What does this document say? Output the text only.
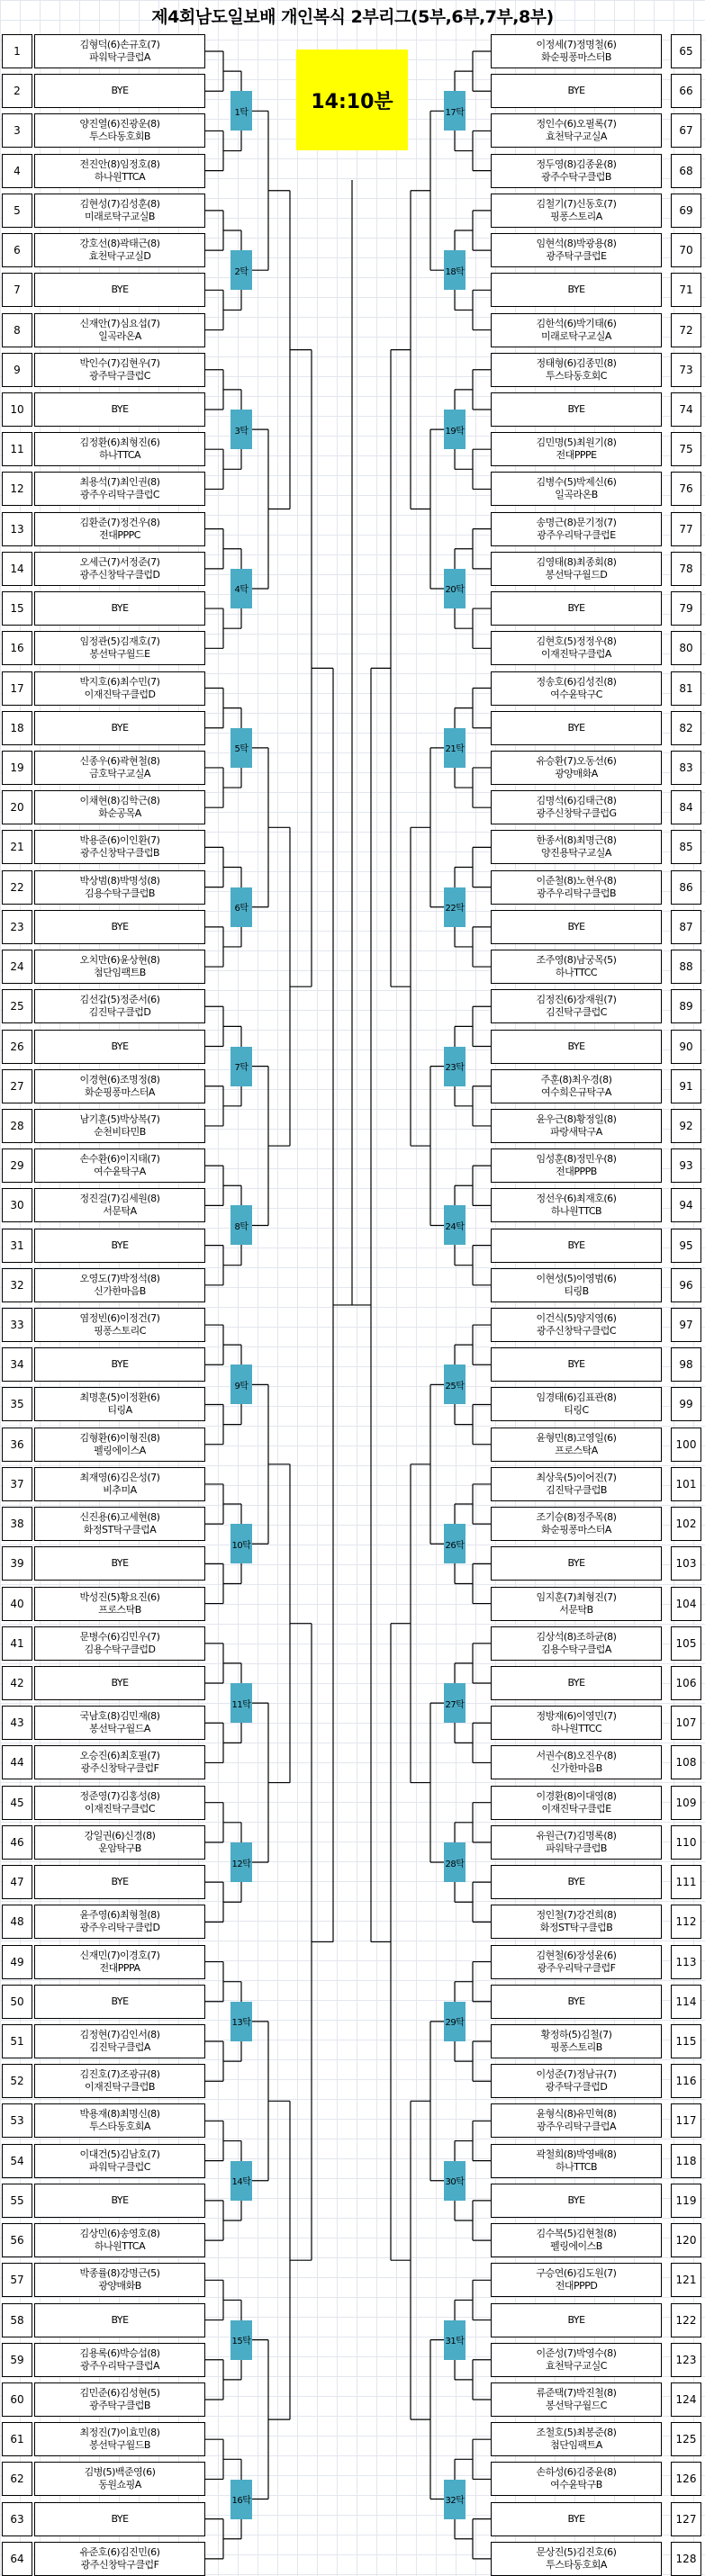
제4회남도일보배 개인복식 2부리그(5부,6부,7부,8부)
14:10분
1
김형덕(6)손규호(7)
파워탁구클럽A
2	BYE
3
양진열(6)진광운(8)
투스타동호회B
4
전진안(8)임정호(8)
하나원TTCA
5
김현성(7)김성훈(8)
미래로탁구교실B
6
강호선(8)곽태근(8)
효천탁구교실D
7	BYE
8
신재안(7)심요섭(7)
일곡라온A
9
박인수(7)김현우(7)
광주탁구클럽C
10	BYE
11
김정환(6)최형진(6)
하나TTCA
12
최용석(7)최인권(8)
광주우리탁구클럽C
13
김환준(7)정건우(8)
전대PPPC
14
오세근(7)서정준(7)
광주신창탁구클럽D
15	BYE
16
임정관(5)김재호(7)
봉선탁구월드E
17
박지호(6)최수민(7)
이재진탁구클럽D
18	BYE
19
신종우(6)곽현철(8)
금호탁구교실A
20
이채현(8)김학근(8)
화순공목A
21
박용준(6)이인환(7)
광주신창탁구클럽B
22
박상범(8)박명성(8)
김용수탁구클럽B
23	BYE
24
오치만(6)윤상현(8)
첨단임팩트B
25
김선갑(5)정준서(6)
김진탁구클럽D
26	BYE
27
이경현(6)조명정(8)
화순핑퐁마스터A
28
남기훈(5)박상복(7)
순천비타민B
29
손수환(6)이지태(7)
여수윤탁구A
30
정진걸(7)김세원(8)
서문탁A
31	BYE
32
오영도(7)박정석(8)
신가한마음B
33
염정빈(6)이정건(7)
핑퐁스토리C
34	BYE
35
최명훈(5)이정환(6)
티링A
36
김형환(6)이형진(8)
펠링에이스A
37
최재영(6)김은성(7)
비추미A
38
신진용(6)고세현(8)
화정ST탁구클럽A
39	BYE
40
박성진(5)황요진(6)
프로스탁B
41
문병수(6)김민우(7)
김용수탁구클럽D
42	BYE
43
국남호(8)김민재(8)
봉선탁구월드A
44
오승진(6)최호필(7)
광주신창탁구클럽F
45
정준영(7)김홍성(8)
이재진탁구클럽C
46
강일권(6)신경(8)
운암탁구B
47	BYE
48
윤주영(6)최형철(8)
광주우리탁구클럽D
49
신재민(7)이경호(7)
전대PPPA
50	BYE
51
김정현(7)김인서(8)
김진탁구클럽A
52
김진호(7)조광규(8)
이재진탁구클럽B
53
박용재(8)최명신(8)
투스타동호회A
54
이대건(5)김남호(7)
파워탁구클럽C
55	BYE
56
김상민(6)송영호(8)
하나원TTCA
57
박종률(8)강명근(5)
광양매화B
58	BYE
59
김용록(6)박승섭(8)
광주우리탁구클럽A
60
김민준(6)김성현(5)
광주탁구클럽B
61
최정진(7)이효민(8)
봉선탁구월드B
62
김병(5)백준영(6)
동원쇼핑A
63	BYE
64
유준호(6)김진민(6)
광주신창탁구클럽F
65
이정세(7)정명철(6)
화순핑퐁마스터B
66
BYE
67
정인수(6)오필록(7)
효천탁구교실A
68
정두영(8)김종윤(8)
광주수탁구클럽B
69
김철기(7)신동호(7)
핑퐁스토리A
70
임현석(8)박광용(8)
광주탁구클럽E
71
BYE
72
김한석(6)박기태(6)
미래로탁구교실A
73
정태형(6)김종민(8)
투스타동호회C
74
BYE
75
김민명(5)최원기(8)
전대PPPE
76
김병수(5)박제신(6)
일곡라온B
77
송명근(8)문기정(7)
광주우리탁구클럽E
78
김영태(8)최종회(8)
봉선탁구월드D
79
BYE
80
김현호(5)정정우(8)
이재진탁구클럽A
81
정송호(6)김성진(8)
여수윤탁구C
82
BYE
83
유승환(7)오동선(6)
광양매화A
84
김명석(6)김태근(8)
광주신창탁구클럽G
85
한종서(8)최명근(8)
양진용탁구교실A
86
이준철(8)노현우(8)
광주우리탁구클럽B
87
BYE
88
조주영(8)남궁목(5)
하나TTCC
89
김정진(6)장재원(7)
김진탁구클럽C
90
BYE
91
주훈(8)최우경(8)
여수희은규탁구A
92
윤우근(8)황정일(8)
파랑새탁구A
93
임성훈(8)정민우(8)
전대PPPB
94
정선우(6)최재호(6)
하나원TTCB
95
BYE
96
이현성(5)이영범(6)
티링B
97
이건식(5)양지영(6)
광주신창탁구클럽C
98
BYE
99
임경태(6)김표관(8)
티링C
100
윤형민(8)고영일(6)
프로스탁A
101
최상욱(5)이어진(7)
김진탁구클럽B
102
조기승(8)정주목(8)
화순핑퐁마스터A
103
BYE
104
임지훈(7)최형진(7)
서문탁B
105
김상석(8)조하균(8)
김용수탁구클럽A
106
BYE
107
정방재(6)이영민(7)
하나원TTCC
108
서권수(8)오진우(8)
신가한마음B
109
이경환(8)이대영(8)
이재진탁구클럽E
110
유원근(7)김명록(8)
파워탁구클럽B
111
BYE
112
정인철(7)강건희(8)
화정ST탁구클럽B
113
김현철(6)장성윤(6)
광주우리탁구클럽F
114
BYE
115
황정하(5)김철(7)
핑퐁스토리B
116
이성준(7)정남규(7)
광주탁구클럽D
117
윤형식(8)유민혁(8)
광주우리탁구클럽A
118
곽철희(8)박영배(8)
하나TTCB
119
BYE
120
김수복(5)김현철(8)
펠링에이스B
121
구승연(6)김도원(7)
전대PPPD
122
BYE
123
이준성(7)박영수(8)
효천탁구교실C
124
류준택(7)박진철(8)
봉선탁구월드C
125
조철호(5)최봉준(8)
첨단임팩트A
126
손하성(6)김중윤(8)
여수윤탁구B
127
BYE
128
문상진(5)김진호(6)
투스타동호회A
1탁
2탁
3탁
4탁
5탁
6탁
7탁
8탁
9탁
10탁
11탁
12탁
13탁
14탁
15탁
16탁
17탁
18탁
19탁
20탁
21탁
22탁
23탁
24탁
25탁
26탁
27탁
28탁
29탁
30탁
31탁
32탁
